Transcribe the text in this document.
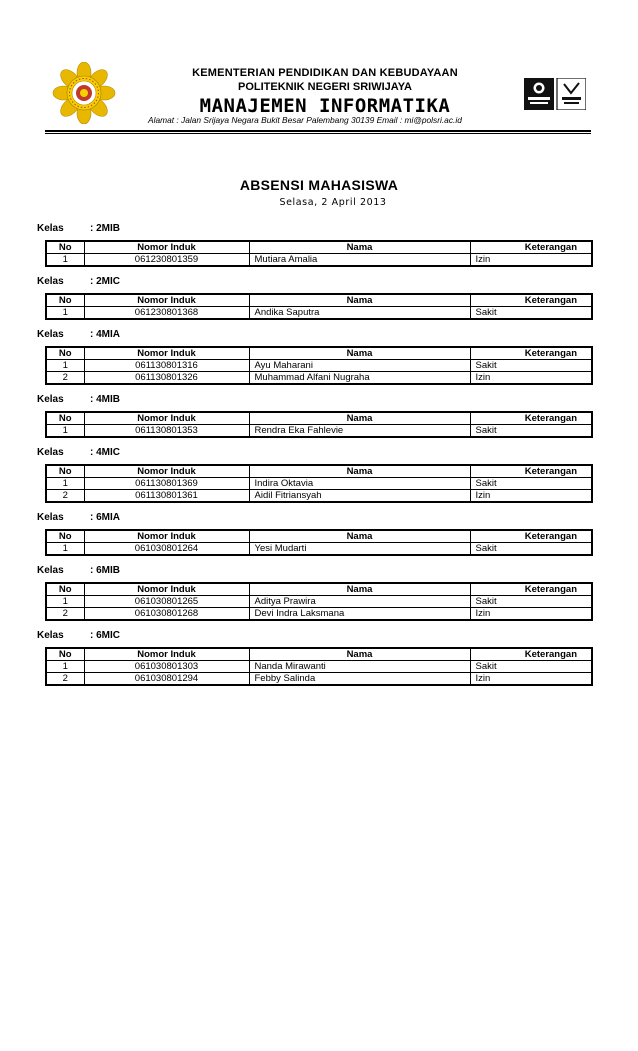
KEMENTERIAN PENDIDIKAN DAN KEBUDAYAAN
POLITEKNIK NEGERI SRIWIJAYA
MANAJEMEN INFORMATIKA
Alamat : Jalan Srijaya Negara Bukit Besar Palembang 30139 Email : mi@polsri.ac.id
ABSENSI MAHASISWA
Selasa, 2 April 2013
Kelas	: 2MIB
No	Nomor Induk	Nama	Keterangan
1	061230801359	Mutiara Amalia	Izin
Kelas	: 2MIC
No	Nomor Induk	Nama	Keterangan
1	061230801368	Andika Saputra	Sakit
Kelas	: 4MIA
No	Nomor Induk	Nama	Keterangan
1	061130801316	Ayu Maharani	Sakit
2	061130801326	Muhammad Alfani Nugraha	Izin
Kelas	: 4MIB
No	Nomor Induk	Nama	Keterangan
1	061130801353	Rendra Eka Fahlevie	Sakit
Kelas	: 4MIC
No	Nomor Induk	Nama	Keterangan
1	061130801369	Indira Oktavia	Sakit
2	061130801361	Aidil Fitriansyah	Izin
Kelas	: 6MIA
No	Nomor Induk	Nama	Keterangan
1	061030801264	Yesi Mudarti	Sakit
Kelas	: 6MIB
No	Nomor Induk	Nama	Keterangan
1	061030801265	Aditya Prawira	Sakit
2	061030801268	Devi Indra Laksmana	Izin
Kelas	: 6MIC
No	Nomor Induk	Nama	Keterangan
1	061030801303	Nanda Mirawanti	Sakit
2	061030801294	Febby Salinda	Izin
